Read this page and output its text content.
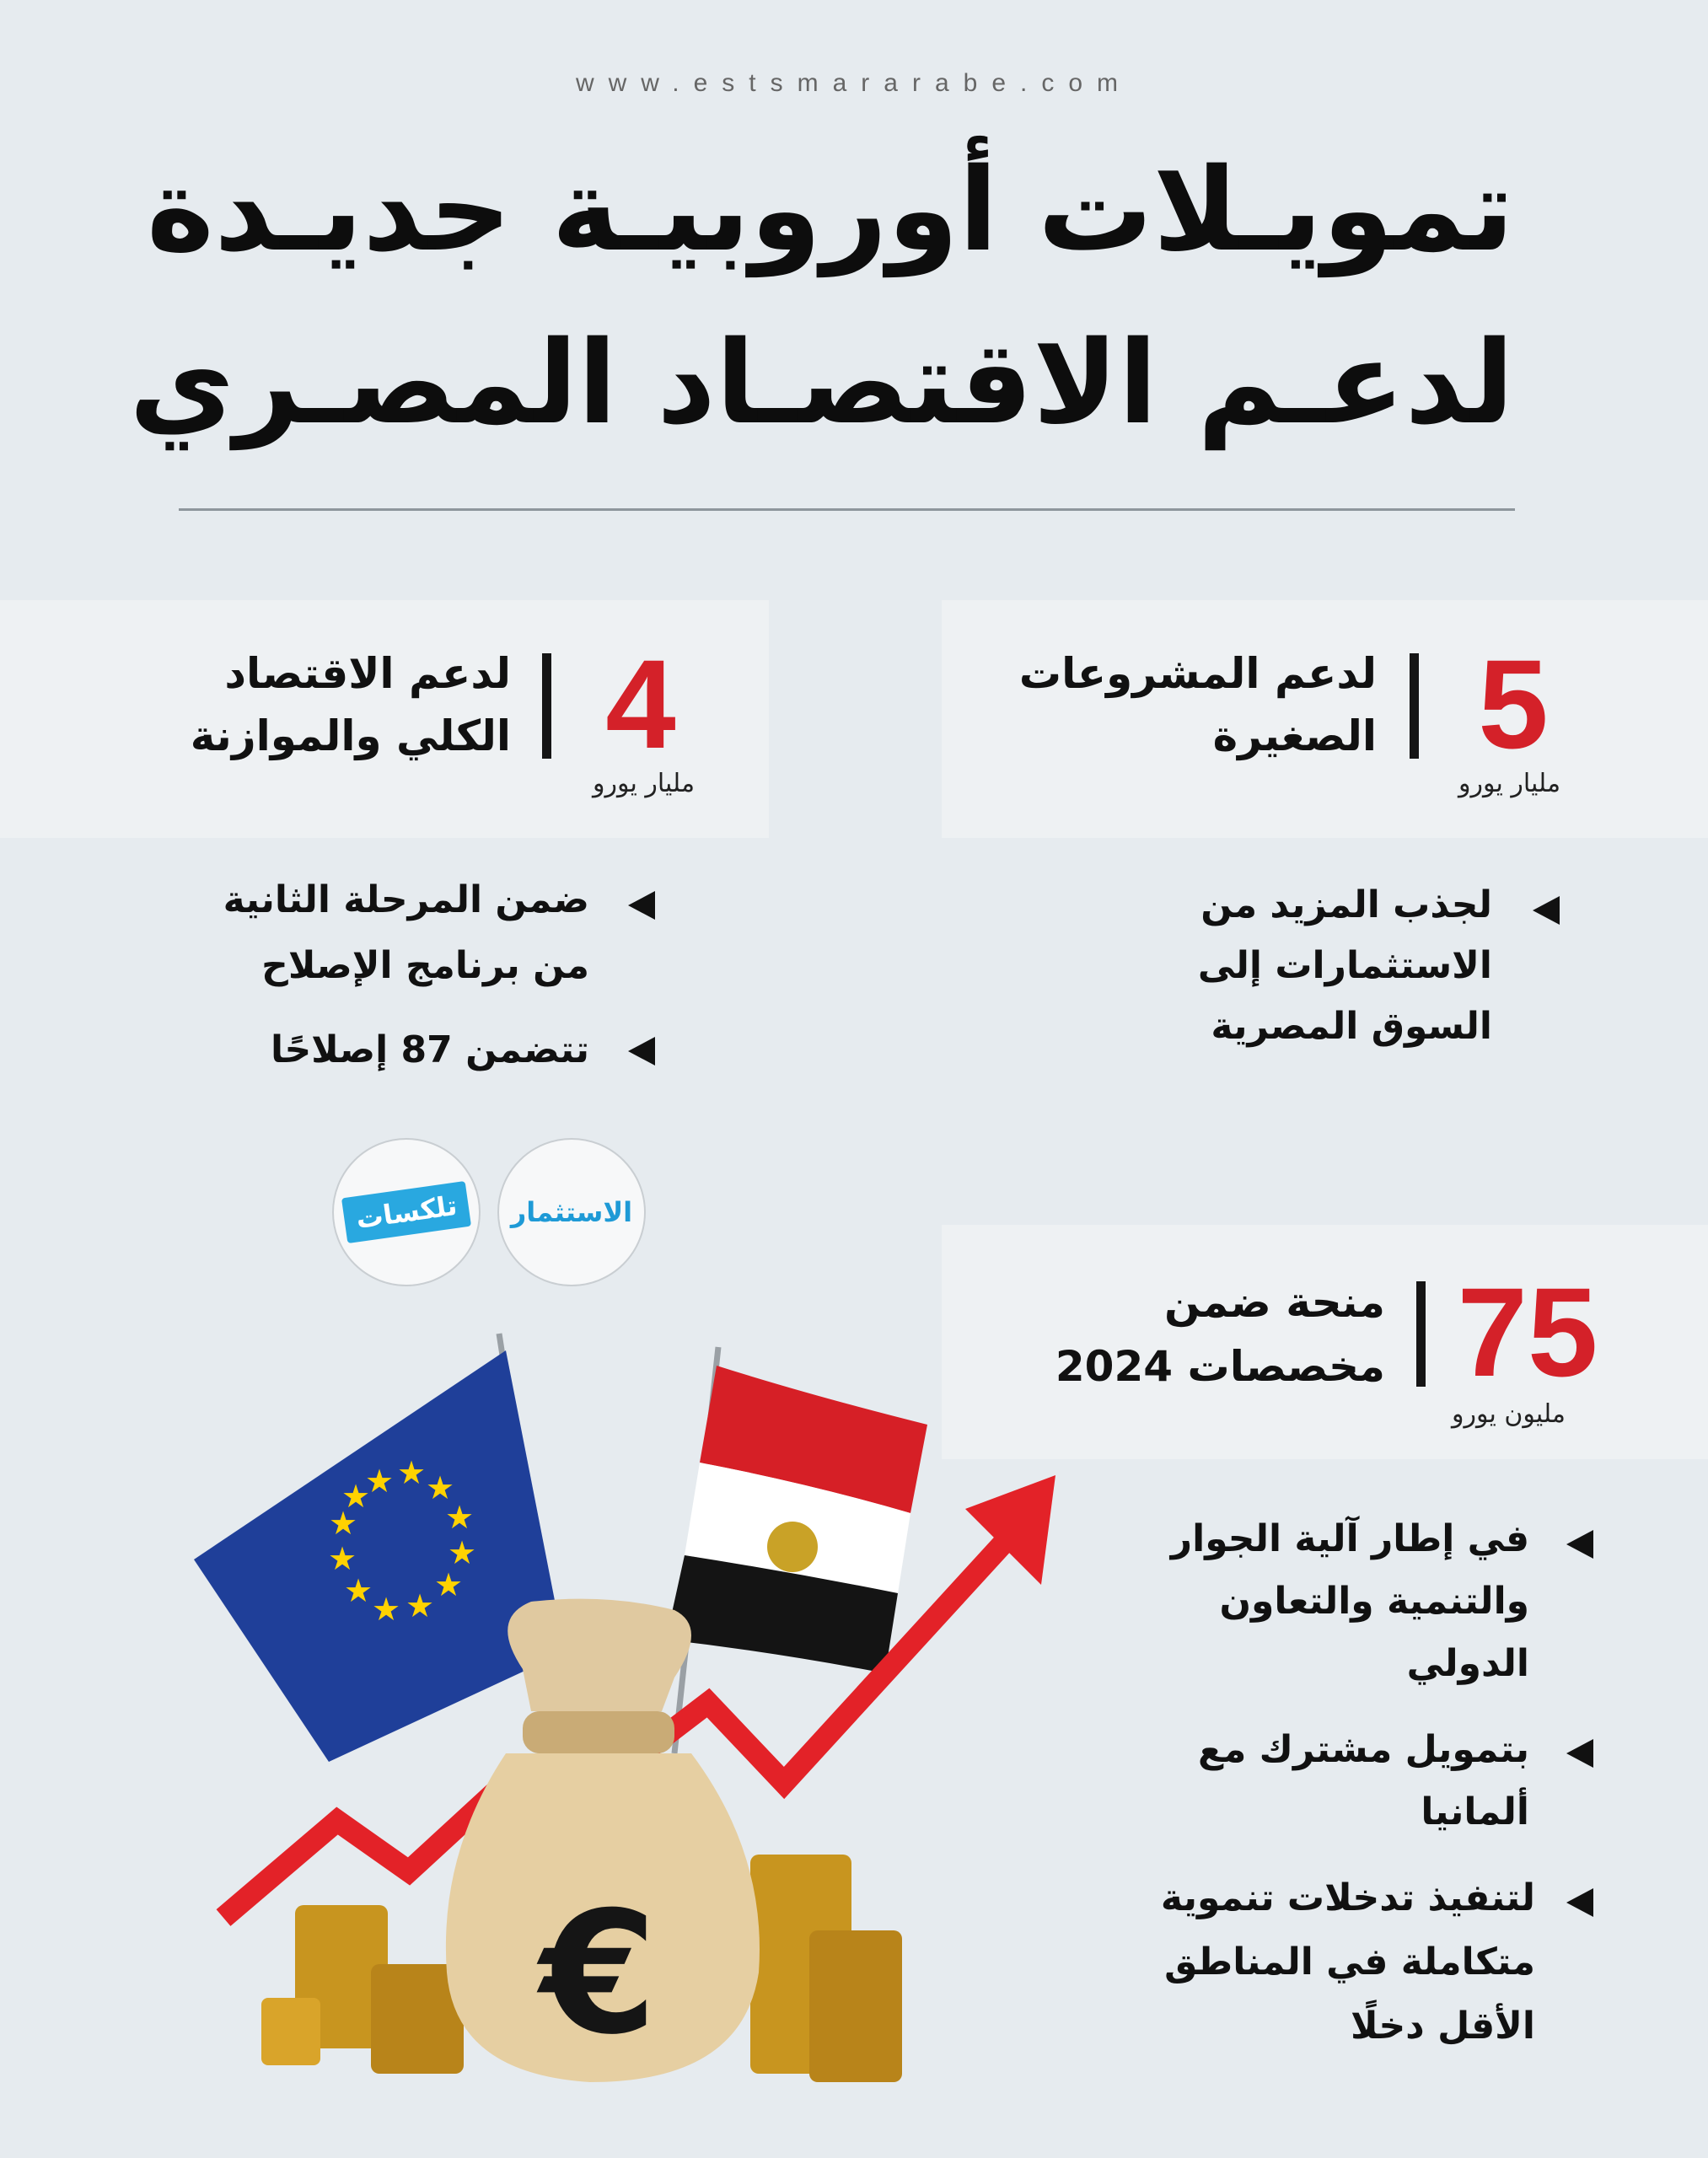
www.estsmararabe.com
تمويـلات أوروبيـة جديـدة
لدعـم الاقتصـاد المصـري
5
مليار يورو
لدعم المشروعات
الصغيرة
4
مليار يورو
لدعم الاقتصاد
الكلي والموازنة
لجذب المزيد من
الاستثمارات إلى
السوق المصرية
ضمن المرحلة الثانية
من برنامج الإصلاح
تتضمن 87 إصلاحًا
الاستثمار
تلكسات
75
مليون يورو
منحة ضمن
مخصصات 2024
في إطار آلية الجوار
والتنمية والتعاون
الدولي
بتمويل مشترك مع
ألمانيا
لتنفيذ تدخلات تنموية
متكاملة في المناطق
الأقل دخلًا
★ ★ ★
★
★
★
★
★
★
★
★
★
€
